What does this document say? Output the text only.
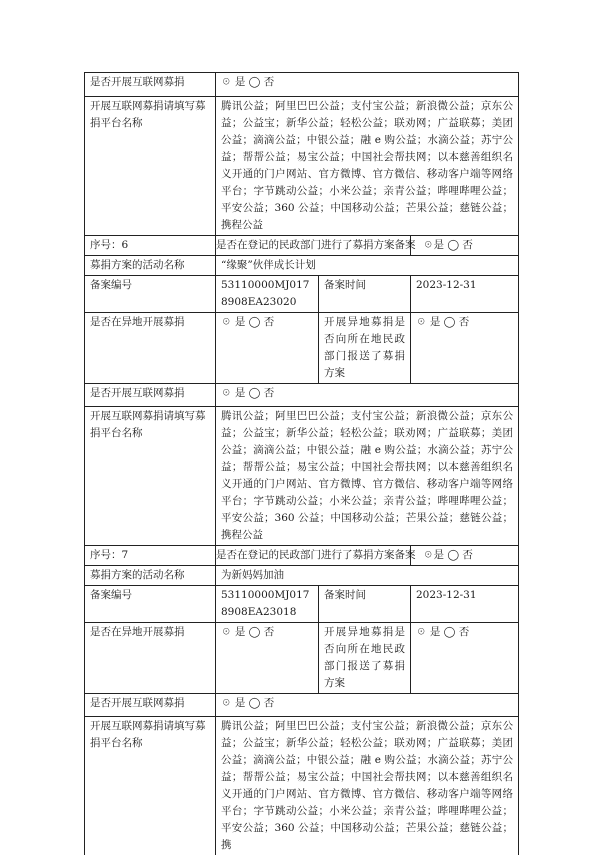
是否开展互联网募捐	☉ 是 ◯ 否		
开展互联网募捐请填写募捐平台名称	腾讯公益；阿里巴巴公益；支付宝公益；新浪微公益；京东公益；公益宝；新华公益；轻松公益；联劝网；广益联募；美团公益；滴滴公益；中银公益；融 e 购公益；水滴公益；苏宁公益；帮帮公益；易宝公益；中国社会帮扶网；以本慈善组织名义开通的门户网站、官方微博、官方微信、移动客户端等网络平台；字节跳动公益；小米公益；亲青公益；哔哩哔哩公益；平安公益；360 公益；中国移动公益；芒果公益；慈链公益；携程公益		
序号：6	是否在登记的民政部门进行了募捐方案备案		☉是 ◯ 否
募捐方案的活动名称	“缘聚”伙伴成长计划		
备案编号	53110000MJ0178908EA23020	备案时间	2023-12-31
是否在异地开展募捐	☉ 是 ◯ 否	开展异地募捐是否向所在地民政部门报送了募捐方案	☉ 是 ◯ 否
是否开展互联网募捐	☉ 是 ◯ 否		
开展互联网募捐请填写募捐平台名称	腾讯公益；阿里巴巴公益；支付宝公益；新浪微公益；京东公益；公益宝；新华公益；轻松公益；联劝网；广益联募；美团公益；滴滴公益；中银公益；融 e 购公益；水滴公益；苏宁公益；帮帮公益；易宝公益；中国社会帮扶网；以本慈善组织名义开通的门户网站、官方微博、官方微信、移动客户端等网络平台；字节跳动公益；小米公益；亲青公益；哔哩哔哩公益；平安公益；360 公益；中国移动公益；芒果公益；慈链公益；携程公益		
序号：7	是否在登记的民政部门进行了募捐方案备案		☉是 ◯ 否
募捐方案的活动名称	为新妈妈加油		
备案编号	53110000MJ0178908EA23018	备案时间	2023-12-31
是否在异地开展募捐	☉ 是 ◯ 否	开展异地募捐是否向所在地民政部门报送了募捐方案	☉ 是 ◯ 否
是否开展互联网募捐	☉ 是 ◯ 否		
开展互联网募捐请填写募捐平台名称	腾讯公益；阿里巴巴公益；支付宝公益；新浪微公益；京东公益；公益宝；新华公益；轻松公益；联劝网；广益联募；美团公益；滴滴公益；中银公益；融 e 购公益；水滴公益；苏宁公益；帮帮公益；易宝公益；中国社会帮扶网；以本慈善组织名义开通的门户网站、官方微博、官方微信、移动客户端等网络平台；字节跳动公益；小米公益；亲青公益；哔哩哔哩公益；平安公益；360 公益；中国移动公益；芒果公益；慈链公益；携		
